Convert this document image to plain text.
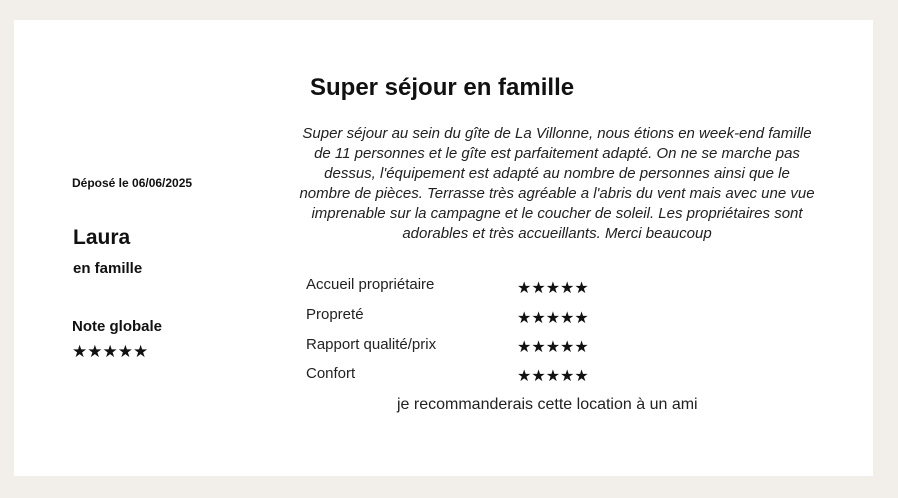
Déposé le 06/06/2025
Laura
en famille
Note globale
★★★★★
Super séjour en famille
Super séjour au sein du gîte de La Villonne, nous étions en week-end famille de 11 personnes et le gîte est parfaitement adapté. On ne se marche pas dessus, l'équipement est adapté au nombre de personnes ainsi que le nombre de pièces. Terrasse très agréable a l'abris du vent mais avec une vue imprenable sur la campagne et le coucher de soleil. Les propriétaires sont adorables et très accueillants. Merci beaucoup
Accueil propriétaire	★★★★★
Propreté	★★★★★
Rapport qualité/prix	★★★★★
Confort	★★★★★
je recommanderais cette location à un ami
